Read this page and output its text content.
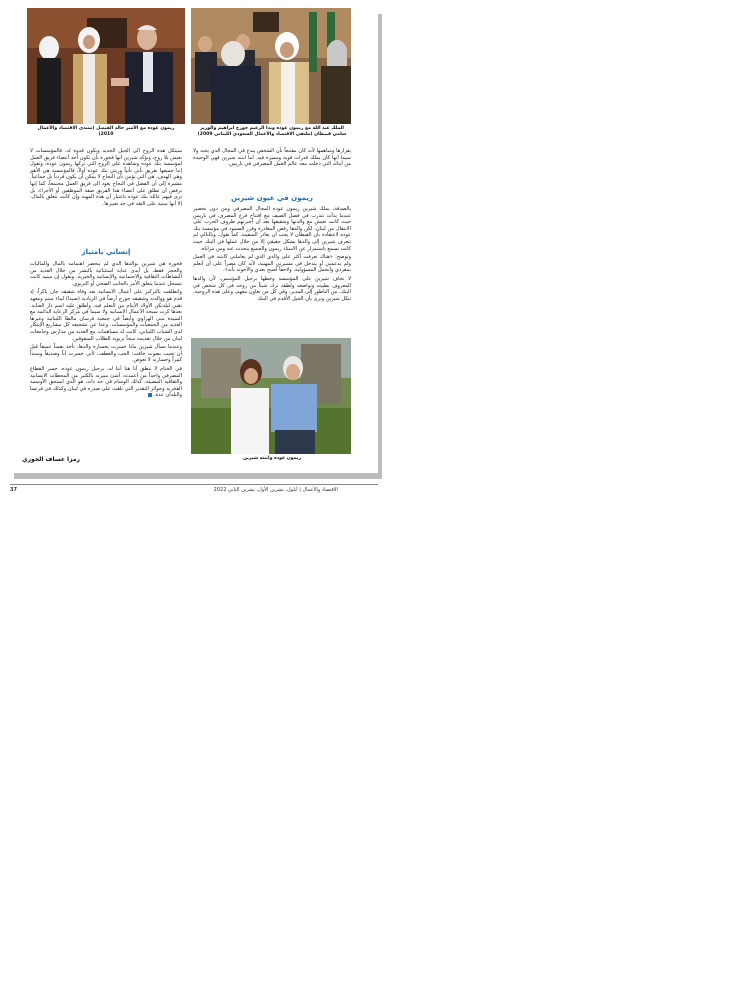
الملك عبد الله مع ريمون عوده وبدا الزعيم جورج ابراهيم والوزير سامي قبيطان (ملتقى الاقتصاد والأعمال السعودي اللبناني 2009)
ريمون عوده مع الأمير خالد الفيصل (منتدى الاقتصاد والأعمال 2010)

بقرارها وساهمها لأنه كان مقتنعاً بأن الشخص يبدع في المجال الذي يحبه ولا سيما أنها كان يملك قدرات قوية ومميزة فيه. أما ابنته شيرين فهي الوحيدة من أبنائه التي دخلت معه عالم العمل المصرفي في باريس.

ريمون في عيون شيرين

بالصدفة، يملك شيرين ريمون عوده المجال المصرفي ومن دون تحضير عندما بدأت تتدرب في فصل الصيف مع افتتاح فرع المصرف في باريس حيث كانت تعيش مع والدتها وشقيقها بعد أن أجبرتهم ظروف الحرب على الانتقال من لبنان، لكن والدها رفض المغادرة وقرر الصمود في مؤسسة بنك عوده لاعتقاده بأن القبطان لا يجب أن يغادر السفينة، كما تقول. وبالتالي لم تتعرف شيرين إلى والدها بشكل حقيقي إلا من خلال عملها في البنك حيث كانت تسمع باستمرار عن الاستاذ ريمون والجميع يتحدث عنه ومن مزاياه.

وتوضح: «هناك تعرفت أكثر على والدي الذي لم يعاملني كابنته في العمل ولم يدعمني أو يتدخل في مسيرتي المهنية، لأنه كان مصراً على أن أتعلم بمفردي وأتحمل المسؤولية، ولاحقاً أصبح بعدي والأخوته بأنه».

لا تخاف شيرين على المؤسسة وخطها برحيل المؤسس، لأن والدها المعروف بطيبته وتواضعه ولطفه ترك شيئاً من روحه في كل شخص في البنك، من الناطور إلى المدير، وفي كل من تعاون معهم، وعلى هذه الروحية، تتكل شيرين وترى بأن الجيل الأقدم في البنك

ريمون عوده وابنته شيرين

سيتكل هذه الروح الى الجيل الجديد ويكون قدوة له، فالمؤسسات لا تعيش بلا روح، وتؤكد شيرين أنها فخورة بأن تكون أحد أعضاء فريق العمل لمؤسسة بنك عوده وشاهدة على الروح التي تركها ريمون عوده، وتقول إننا جميعها نفريق نأتي تأتياً وريثي بنك عوده أولاً، فالمؤسسة هي الأهم وهي الهدف، هي التي تؤمن بأن النجاح لا يمكن أن يكون فردياً بل جماعياً. مشيرة إلى أن الفضل في النجاح يعود الى فريق العمل مجتمعاً، كما إنها ترفض أن تطلق على أعضاء هذا الفريق صفة الموظفين أو الأجراء، بل ترى فيهم عائلة بنك عوده باعتبار أن هذه المهنة وإن كانت تتعلق بالمال، إلا أنها مبنية على الثقة في حد تعبيرها.

إنساني بامتياز

فخورة هي شيرين بوالدها الذي لم ينحصر اهتمامه بالمال والماليات والحجر فقط، بل أبدى عناية استثنائية بالبشر من خلال العديد من النشاطات الثقافية والاجتماعية والإنسانية والخيرية. وتقول إن مبنيه كانت تتسحل عندما يتعلق الأمر بالجانب الصحي أو التربوي.

وانطلقت بالتركيز على أعمال الانسانية بعد وفاة شقيقه جان باكراً، إذ قدم هو ووالدته وشقيقه جورج أرضاً في الزيادية (صيدا) لبناء ميتم ومعهد تقني لبلدتكن الأولاد الأيتام من التعلم فيه، وأطلق عليه اسم دار العناية. بعدها كرت سبحة الأعمال الانسانية ولا سيما في مركز الرعاية الدائمة مع السيدة منى الهراوي وأيضاً في جمعية فرسان مالطا اللبنانية وغيرها العديد من الجمعيات والمؤسسات. وعدا عن تشجيعه كل مشاريع الإبتكار لدى الشباب اللبناني، كانت له مساهمات مع العديد من مدارس وجامعات لبنان من خلال تقديمه منحاً تربوية للطلاب المتفوقين.

وعندما نسأل شيرين ماذا خسرت بخسارة والدها، تأخذ نفساً عميقاً قبل أن تجيب بصوت خافت: الحب والعطف، لأني خسرت أباً وصديقاً وسنداً كبيراً وخسارته لا تعوض.

في الختام لا ننطق أنا هنا أننا له، برحيل ريمون عوده، خسر القطاع المصرفي واحداً من أعمدته، أشئ مبيرته بالكثير من المحطات الانسانية والثقافية المضيئة، كذلك الوسام في حد ذاته، هو الذي استحق الأوسمة الفخرية وجوائز التقدير التي تلقت على صدره في لبنان وكذلك في فرنسا والبلدان عدة.

رمزا عساف الخوري
37	الاقتصاد والأعمال | أيلول، تشرين الأول، تشرين الثاني 2022
